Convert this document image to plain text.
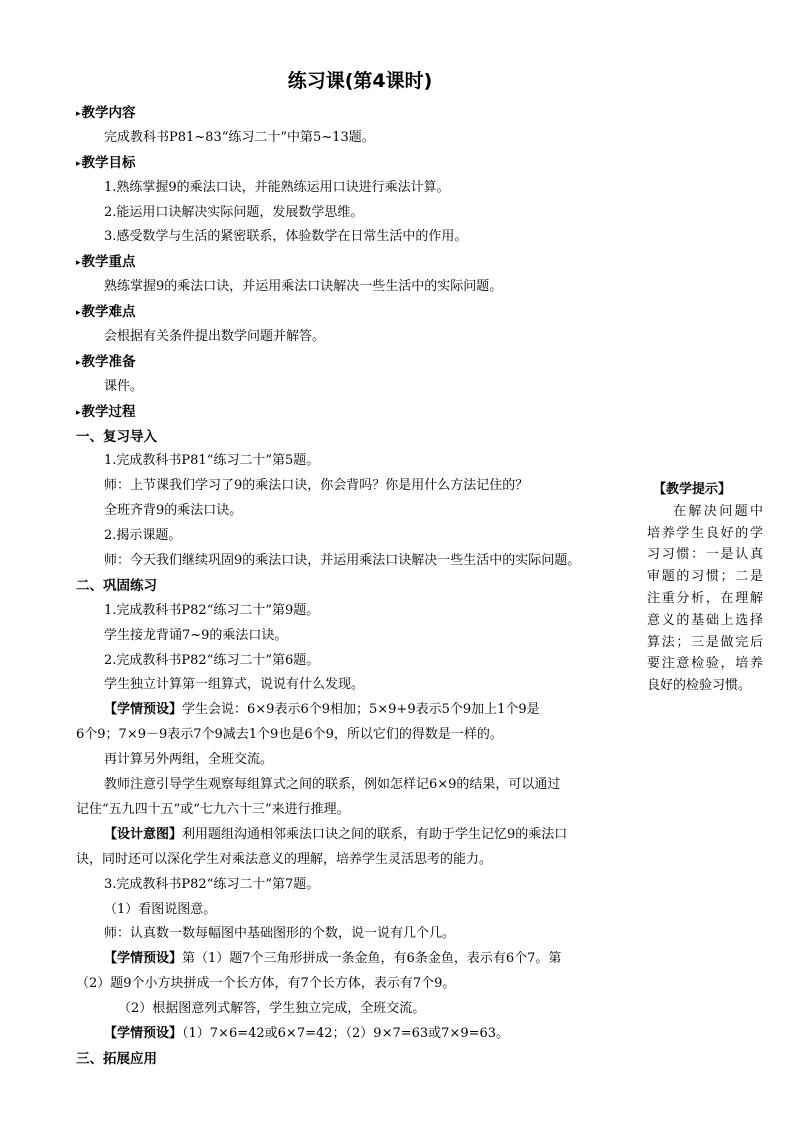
练习课(第4课时)
▸教学内容
完成教科书P81~83“练习二十”中第5~13题。
▸教学目标
1.熟练掌握9的乘法口诀，并能熟练运用口诀进行乘法计算。
2.能运用口诀解决实际问题，发展数学思维。
3.感受数学与生活的紧密联系，体验数学在日常生活中的作用。
▸教学重点
熟练掌握9的乘法口诀，并运用乘法口诀解决一些生活中的实际问题。
▸教学难点
会根据有关条件提出数学问题并解答。
▸教学准备
课件。
▸教学过程
一、复习导入
1.完成教科书P81“练习二十”第5题。
师：上节课我们学习了9的乘法口诀，你会背吗？你是用什么方法记住的？
全班齐背9的乘法口诀。
2.揭示课题。
师：今天我们继续巩固9的乘法口诀，并运用乘法口诀解决一些生活中的实际问题。
二、巩固练习
1.完成教科书P82“练习二十”第9题。
学生接龙背诵7~9的乘法口诀。
2.完成教科书P82“练习二十”第6题。
学生独立计算第一组算式，说说有什么发现。
【学情预设】学生会说：6×9表示6个9相加；5×9+9表示5个9加上1个9是
6个9；7×9－9表示7个9减去1个9也是6个9，所以它们的得数是一样的。
再计算另外两组，全班交流。
教师注意引导学生观察每组算式之间的联系，例如怎样记6×9的结果，可以通过
记住“五九四十五”或“七九六十三”来进行推理。
【设计意图】利用题组沟通相邻乘法口诀之间的联系，有助于学生记忆9的乘法口
诀，同时还可以深化学生对乘法意义的理解，培养学生灵活思考的能力。
3.完成教科书P82“练习二十”第7题。
（1）看图说图意。
师：认真数一数每幅图中基础图形的个数，说一说有几个几。
【学情预设】第（1）题7个三角形拼成一条金鱼，有6条金鱼，表示有6个7。第
（2）题9个小方块拼成一个长方体，有7个长方体，表示有7个9。
（2）根据图意列式解答，学生独立完成，全班交流。
【学情预设】（1）7×6=42或6×7=42；（2）9×7=63或7×9=63。
三、拓展应用
【教学提示】
在解决问题中培养学生良好的学习习惯：一是认真审题的习惯；二是注重分析，在理解意义的基础上选择算法；三是做完后要注意检验，培养良好的检验习惯。
